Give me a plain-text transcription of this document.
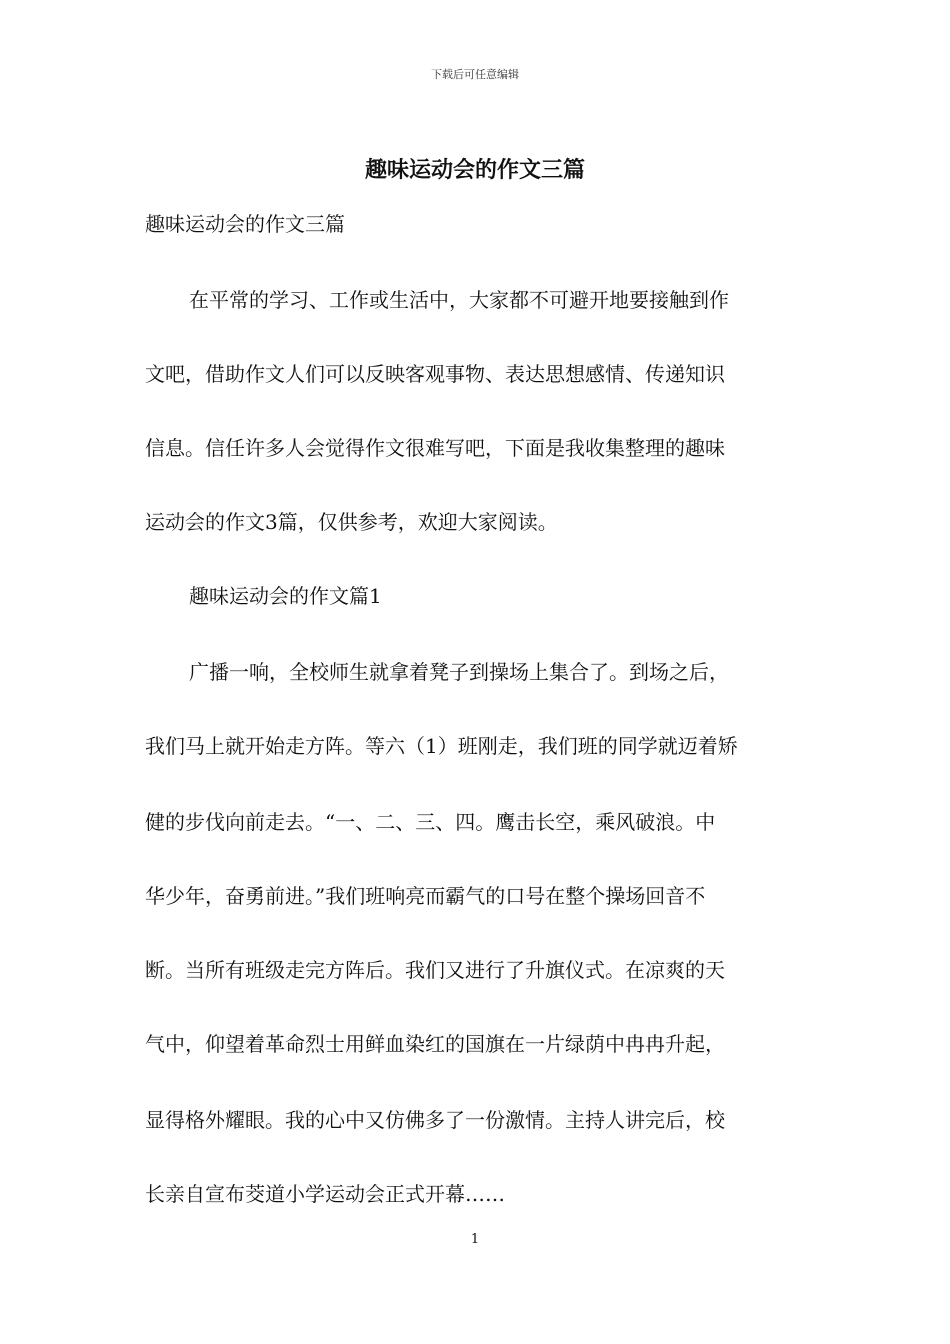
下载后可任意编辑
趣味运动会的作文三篇
趣味运动会的作文三篇
在平常的学习、工作或生活中，大家都不可避开地要接触到作
文吧，借助作文人们可以反映客观事物、表达思想感情、传递知识
信息。信任许多人会觉得作文很难写吧，下面是我收集整理的趣味
运动会的作文3篇，仅供参考，欢迎大家阅读。
趣味运动会的作文篇1
广播一响，全校师生就拿着凳子到操场上集合了。到场之后，
我们马上就开始走方阵。等六（1）班刚走，我们班的同学就迈着矫
健的步伐向前走去。“一、二、三、四。鹰击长空，乘风破浪。中
华少年，奋勇前进。”我们班响亮而霸气的口号在整个操场回音不
断。当所有班级走完方阵后。我们又进行了升旗仪式。在凉爽的天
气中，仰望着革命烈士用鲜血染红的国旗在一片绿荫中冉冉升起，
显得格外耀眼。我的心中又仿佛多了一份激情。主持人讲完后，校
长亲自宣布茭道小学运动会正式开幕……
1
